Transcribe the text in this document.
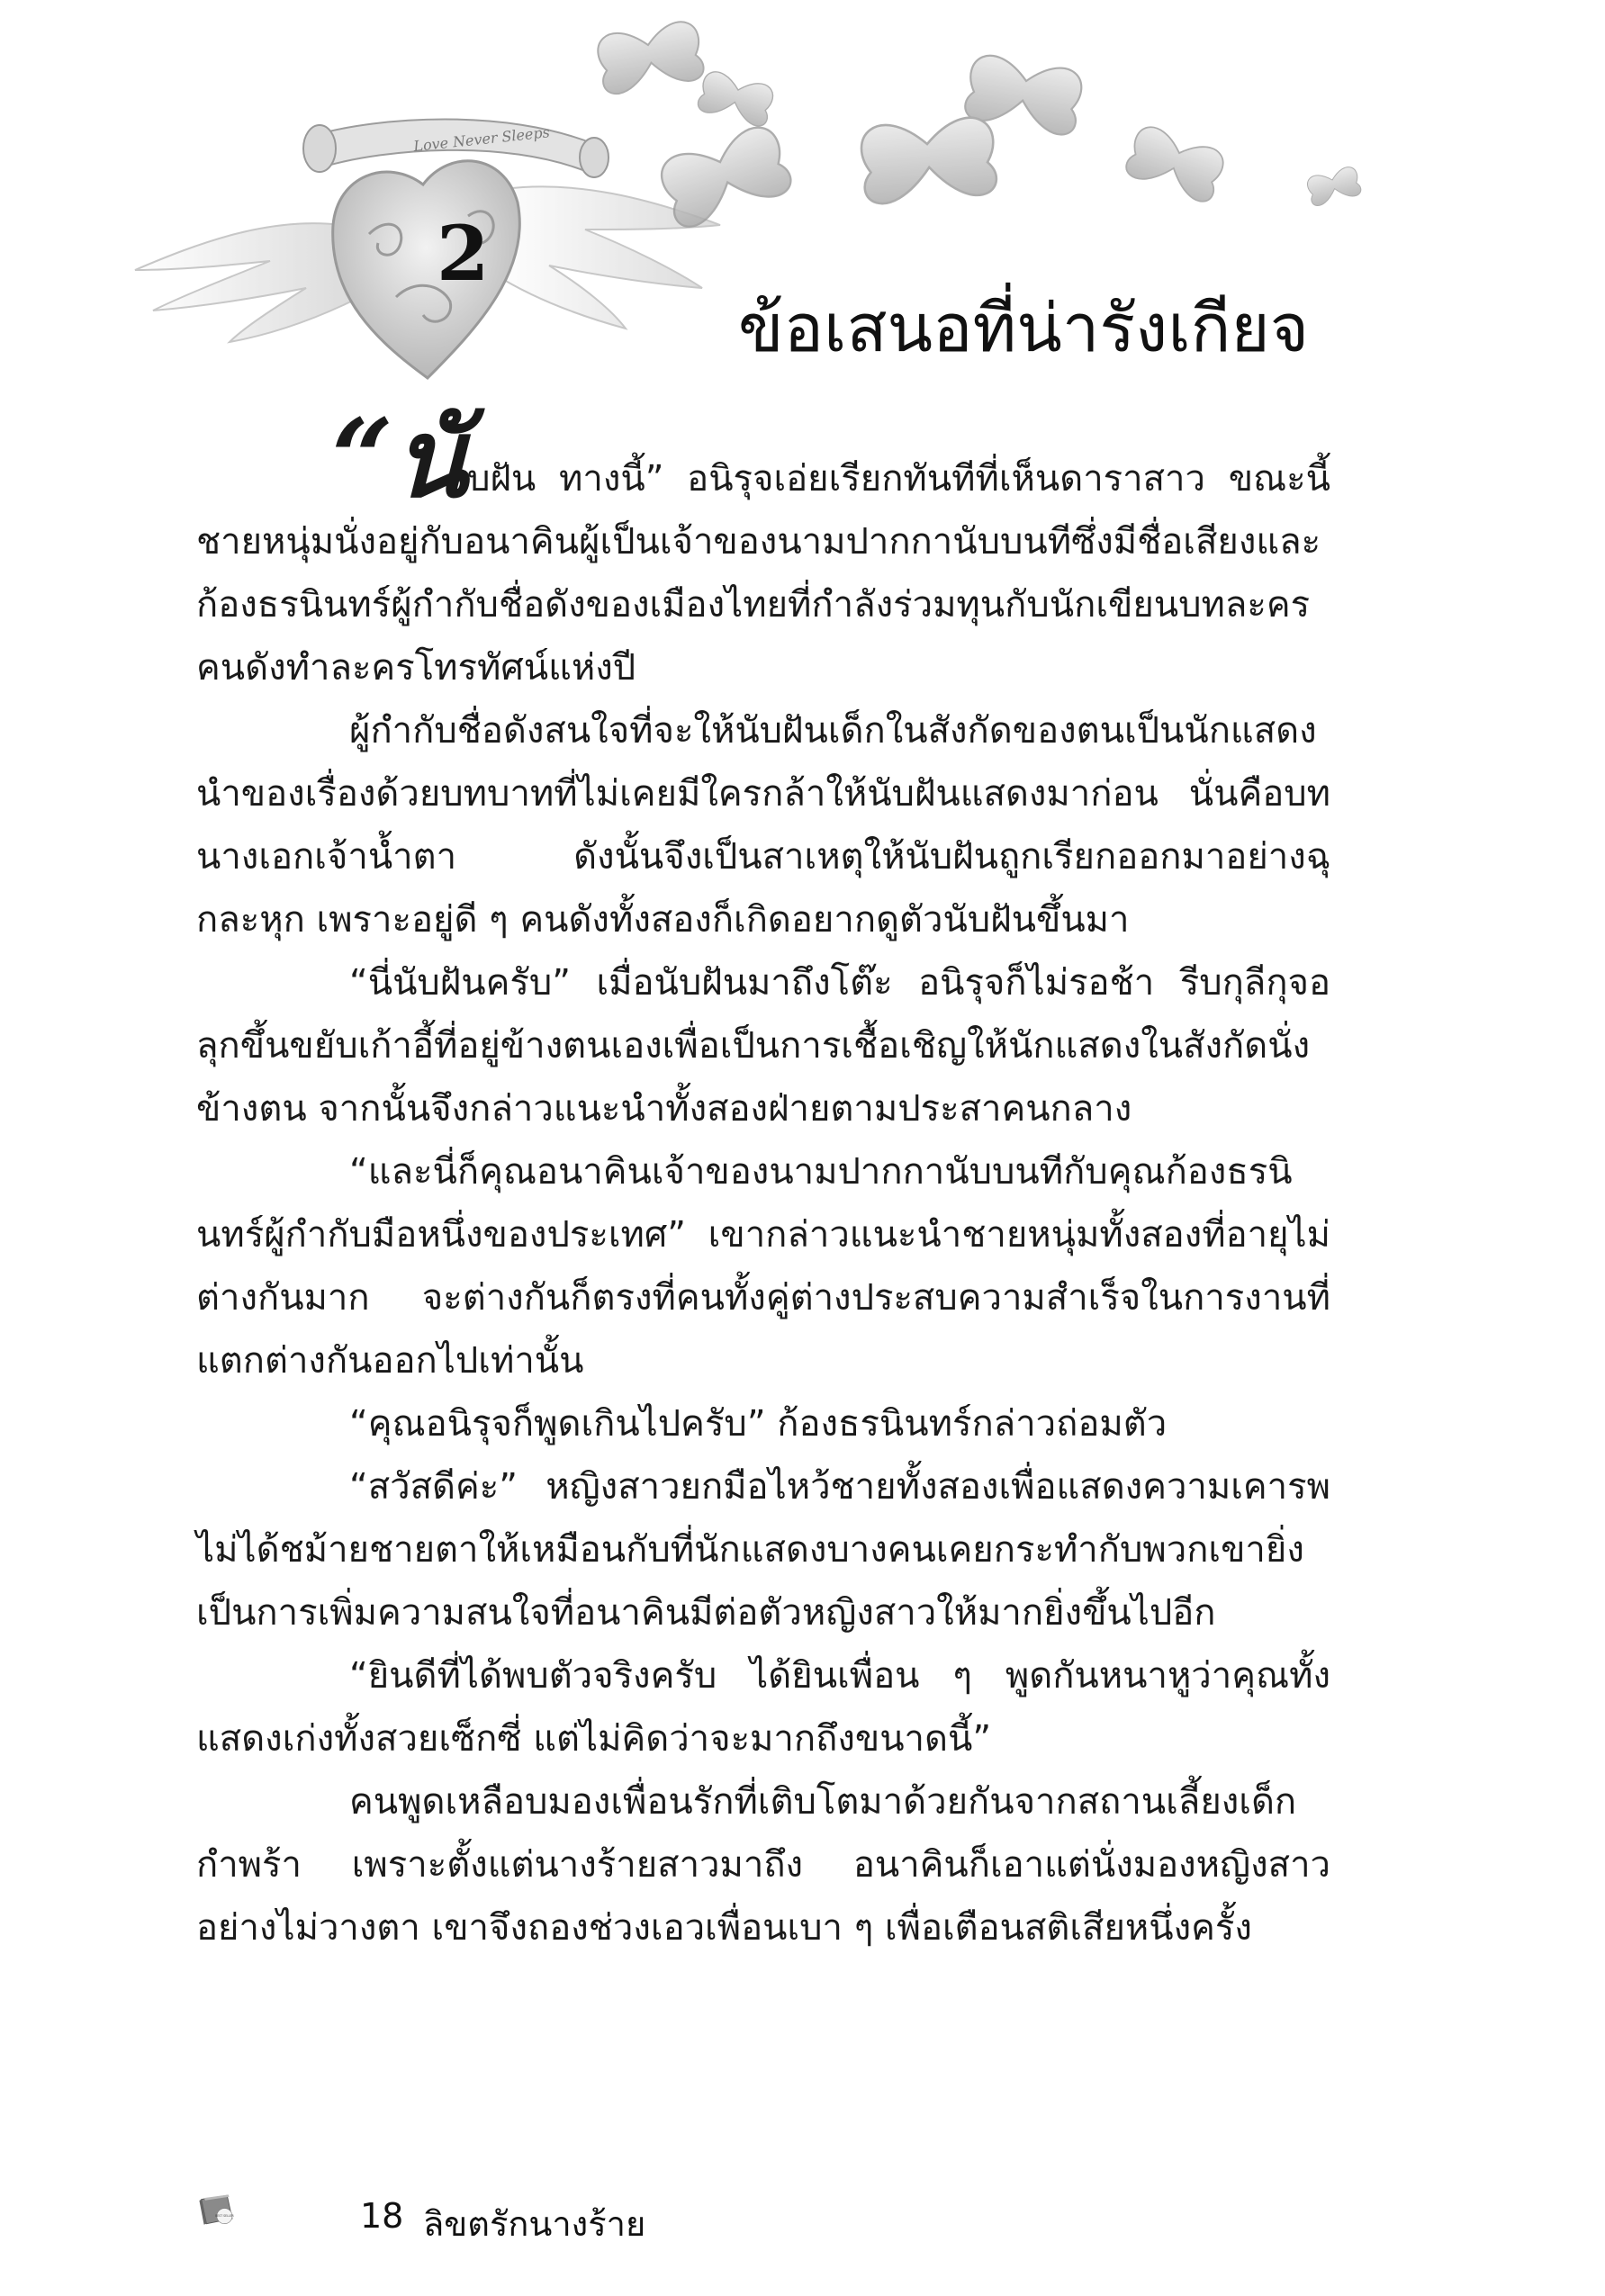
Love Never Sleeps
2
ข้อเสนอที่น่ารังเกียจ

“นับฝัน ทางนี้” อนิรุจเอ่ยเรียกทันทีที่เห็นดาราสาว ขณะนี้ชายหนุ่มนั่งอยู่กับอนาคินผู้เป็นเจ้าของนามปากกานับบนทีซึ่งมีชื่อเสียงและก้องธรนินทร์ผู้กำกับชื่อดังของเมืองไทยที่กำลังร่วมทุนกับนักเขียนบทละครคนดังทำละครโทรทัศน์แห่งปี

ผู้กำกับชื่อดังสนใจที่จะให้นับฝันเด็กในสังกัดของตนเป็นนักแสดงนำของเรื่องด้วยบทบาทที่ไม่เคยมีใครกล้าให้นับฝันแสดงมาก่อน นั่นคือบทนางเอกเจ้าน้ำตา ดังนั้นจึงเป็นสาเหตุให้นับฝันถูกเรียกออกมาอย่างฉุกละหุก เพราะอยู่ดี ๆ คนดังทั้งสองก็เกิดอยากดูตัวนับฝันขึ้นมา

“นี่นับฝันครับ” เมื่อนับฝันมาถึงโต๊ะ อนิรุจก็ไม่รอช้า รีบกุลีกุจอลุกขึ้นขยับเก้าอี้ที่อยู่ข้างตนเองเพื่อเป็นการเชื้อเชิญให้นักแสดงในสังกัดนั่งข้างตน จากนั้นจึงกล่าวแนะนำทั้งสองฝ่ายตามประสาคนกลาง

“และนี่ก็คุณอนาคินเจ้าของนามปากกานับบนทีกับคุณก้องธรนินทร์ผู้กำกับมือหนึ่งของประเทศ” เขากล่าวแนะนำชายหนุ่มทั้งสองที่อายุไม่ต่างกันมาก จะต่างกันก็ตรงที่คนทั้งคู่ต่างประสบความสำเร็จในการงานที่แตกต่างกันออกไปเท่านั้น

“คุณอนิรุจก็พูดเกินไปครับ” ก้องธรนินทร์กล่าวถ่อมตัว

“สวัสดีค่ะ” หญิงสาวยกมือไหว้ชายทั้งสองเพื่อแสดงความเคารพไม่ได้ชม้ายชายตาให้เหมือนกับที่นักแสดงบางคนเคยกระทำกับพวกเขายิ่งเป็นการเพิ่มความสนใจที่อนาคินมีต่อตัวหญิงสาวให้มากยิ่งขึ้นไปอีก

“ยินดีที่ได้พบตัวจริงครับ ได้ยินเพื่อน ๆ พูดกันหนาหูว่าคุณทั้งแสดงเก่งทั้งสวยเซ็กซี่ แต่ไม่คิดว่าจะมากถึงขนาดนี้”

คนพูดเหลือบมองเพื่อนรักที่เติบโตมาด้วยกันจากสถานเลี้ยงเด็กกำพร้า เพราะตั้งแต่นางร้ายสาวมาถึง อนาคินก็เอาแต่นั่งมองหญิงสาวอย่างไม่วางตา เขาจึงถองช่วงเอวเพื่อนเบา ๆ เพื่อเตือนสติเสียหนึ่งครั้ง

BEST SELLER	18 ลิขตรักนางร้าย
